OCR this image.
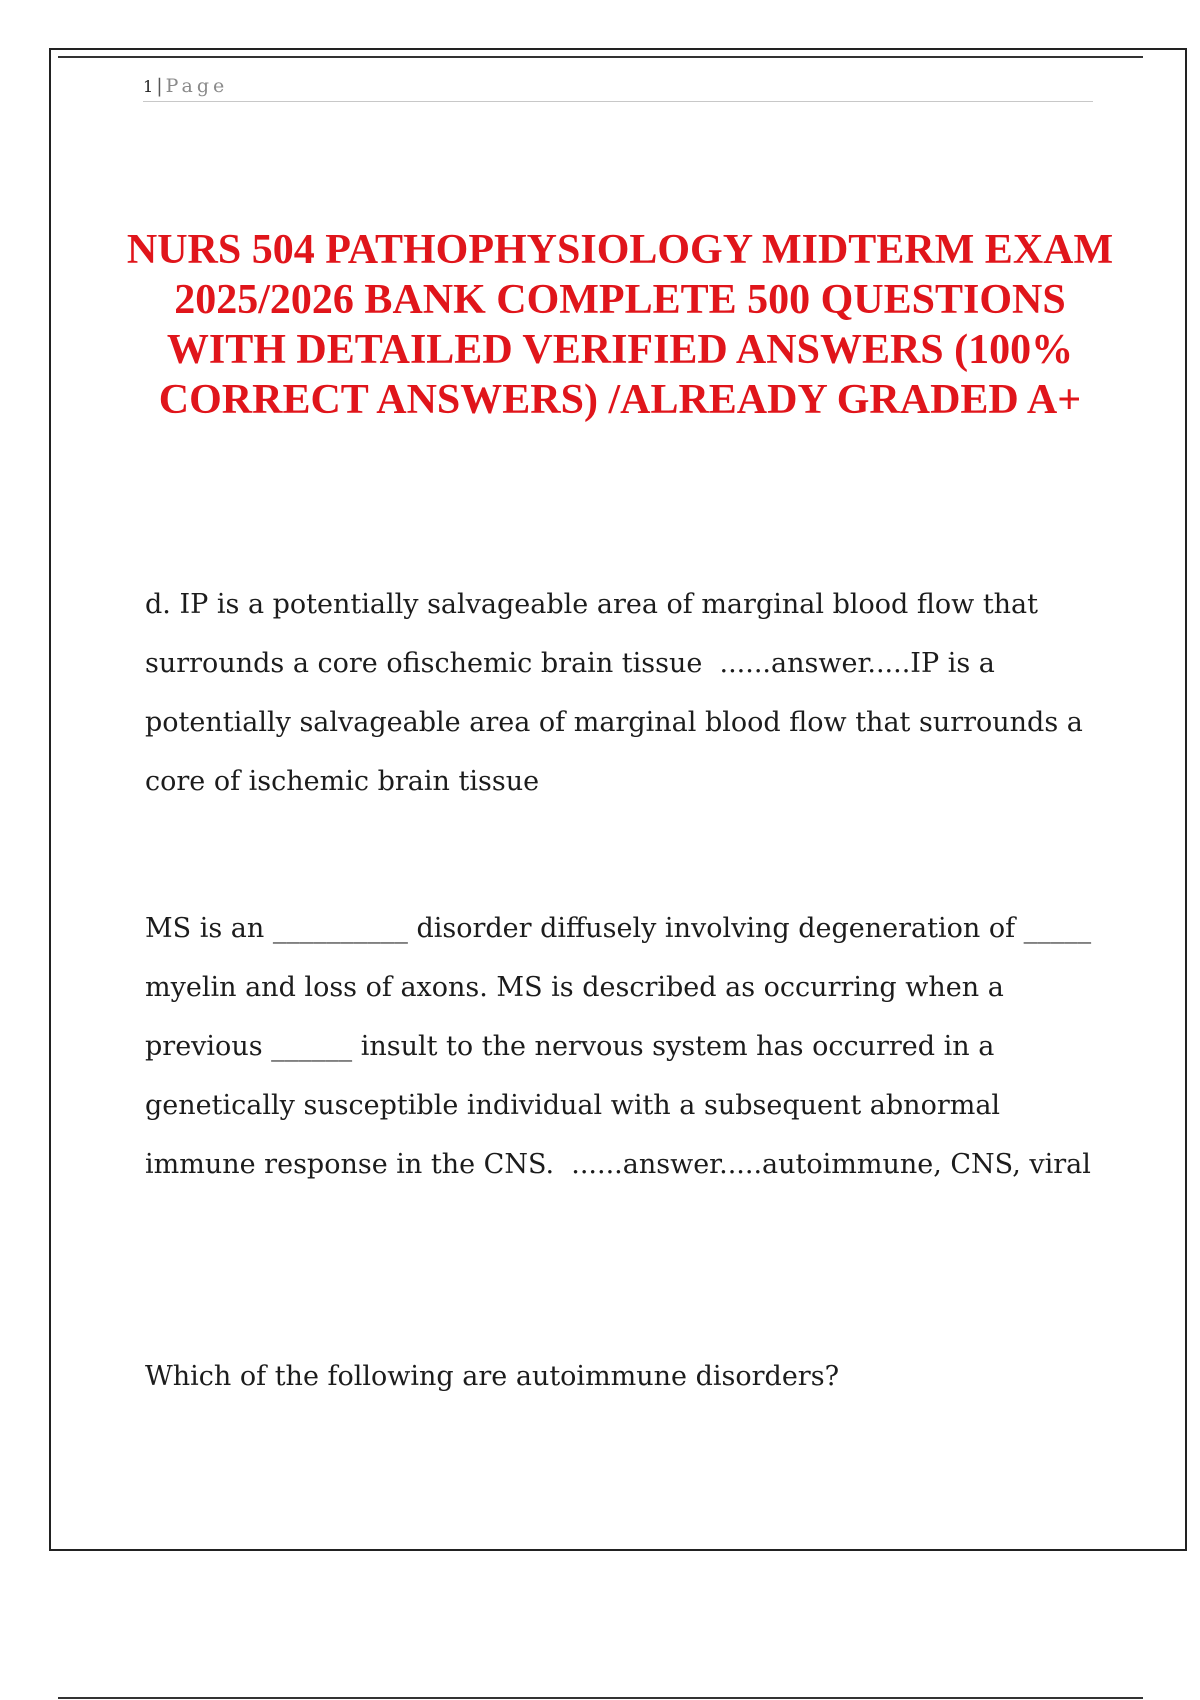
1 | Page
NURS 504 PATHOPHYSIOLOGY MIDTERM EXAM 2025/2026 BANK COMPLETE 500 QUESTIONS WITH DETAILED VERIFIED ANSWERS (100% CORRECT ANSWERS) /ALREADY GRADED A+

d. IP is a potentially salvageable area of marginal blood flow that surrounds a core ofischemic brain tissue  ......answer.....IP is a potentially salvageable area of marginal blood flow that surrounds a core of ischemic brain tissue

MS is an __________ disorder diffusely involving degeneration of _____ myelin and loss of axons. MS is described as occurring when a previous ______ insult to the nervous system has occurred in a genetically susceptible individual with a subsequent abnormal immune response in the CNS.  ......answer.....autoimmune, CNS, viral

Which of the following are autoimmune disorders?
